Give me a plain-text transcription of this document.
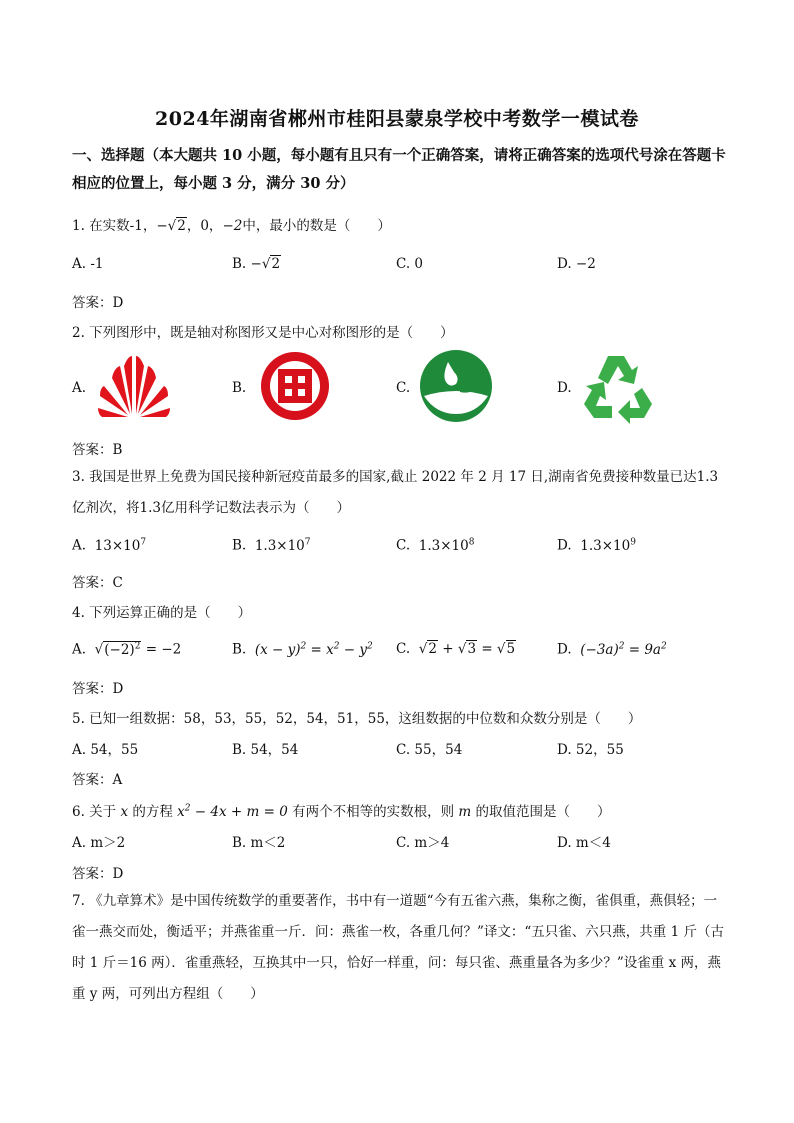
2024年湖南省郴州市桂阳县蒙泉学校中考数学一模试卷
一、选择题（本大题共 10 小题，每小题有且只有一个正确答案，请将正确答案的选项代号涂在答题卡相应的位置上，每小题 3 分，满分 30 分）
1. 在实数-1，−√2，0，−2中，最小的数是（　　）
A. -1	B. −√2	C. 0	D. −2
答案：D
2. 下列图形中，既是轴对称图形又是中心对称图形的是（　　）
A.	B.	C.	D.
答案：B
3. 我国是世界上免费为国民接种新冠疫苗最多的国家,截止 2022 年 2 月 17 日,湖南省免费接种数量已达1.3 亿剂次，将1.3亿用科学记数法表示为（　　）
A. $13\times 10^7$	B. $1.3\times 10^7$	C. $1.3\times 10^8$	D. $1.3\times 10^9$
答案：C
4. 下列运算正确的是（　　）
A. $√(-2)^2 = -2$	B. $(x - y)^2 = x^2 - y^2$ C. √2 + √3 = √5	D. $(-3a)^2 = 9a^2$
答案：D
5. 已知一组数据：58，53，55，52，54，51，55，这组数据的中位数和众数分别是（　　）
A. 54，55	B. 54，54	C. 55，54	D. 52，55
答案：A
6. 关于 x 的方程 $x^2 - 4x + m = 0$ 有两个不相等的实数根，则 m 的取值范围是（　　）
A. m＞2	B. m＜2	C. m＞4	D. m＜4
答案：D
7. 《九章算术》是中国传统数学的重要著作，书中有一道题“今有五雀六燕，集称之衡，雀俱重，燕俱轻；一雀一燕交而处，衡适平；并燕雀重一斤．问：燕雀一枚，各重几何？”译文：“五只雀、六只燕，共重 1 斤（古时 1 斤＝16 两）．雀重燕轻，互换其中一只，恰好一样重，问：每只雀、燕重量各为多少？”设雀重 x 两，燕重 y 两，可列出方程组（　　）
